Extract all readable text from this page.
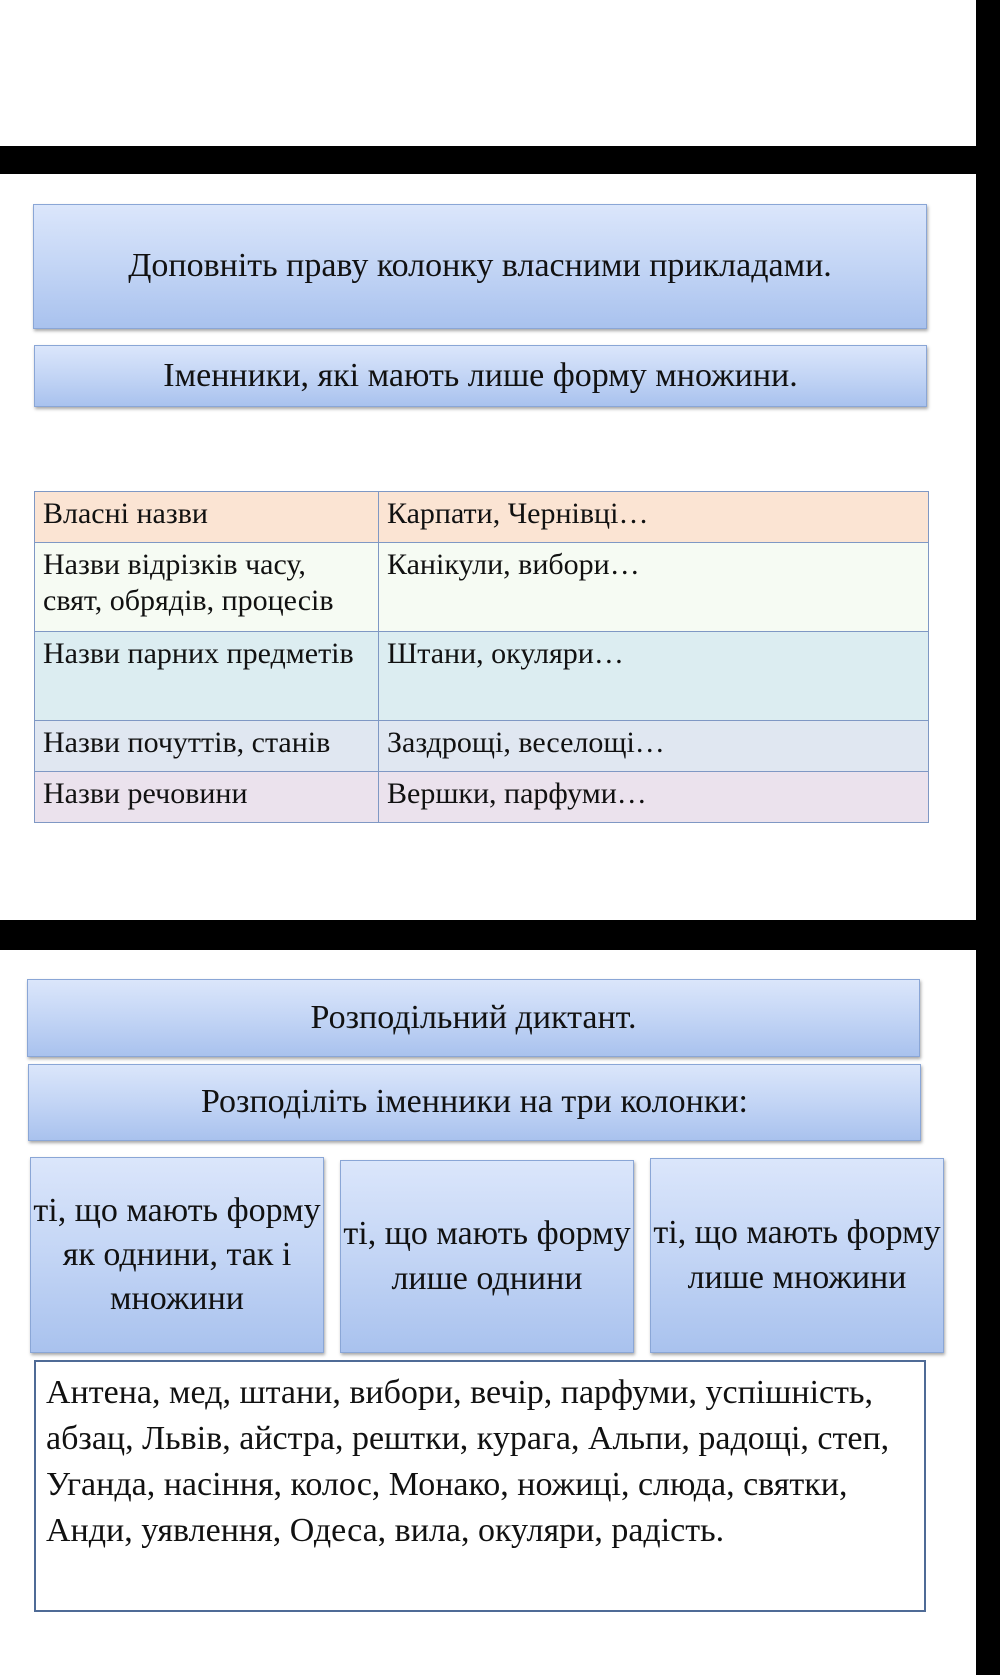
Доповніть праву колонку власними прикладами.
Іменники, які мають лише форму множини.
Власні назви	Карпати, Чернівці…
Назви відрізків часу, свят, обрядів, процесів	Канікули, вибори…
Назви парних предметів	Штани, окуляри…
Назви почуттів, станів	Заздрощі, веселощі…
Назви речовини	Вершки, парфуми…
Розподільний диктант.
Розподіліть іменники на три колонки:
ті, що мають форму як однини, так і множини
ті, що мають форму лише однини
ті, що мають форму лише множини
Антена, мед, штани, вибори, вечір, парфуми, успішність, абзац, Львів, айстра, рештки, курага, Альпи, радощі, степ, Уганда, насіння, колос, Монако, ножиці, слюда, святки, Анди, уявлення, Одеса, вила, окуляри, радість.
